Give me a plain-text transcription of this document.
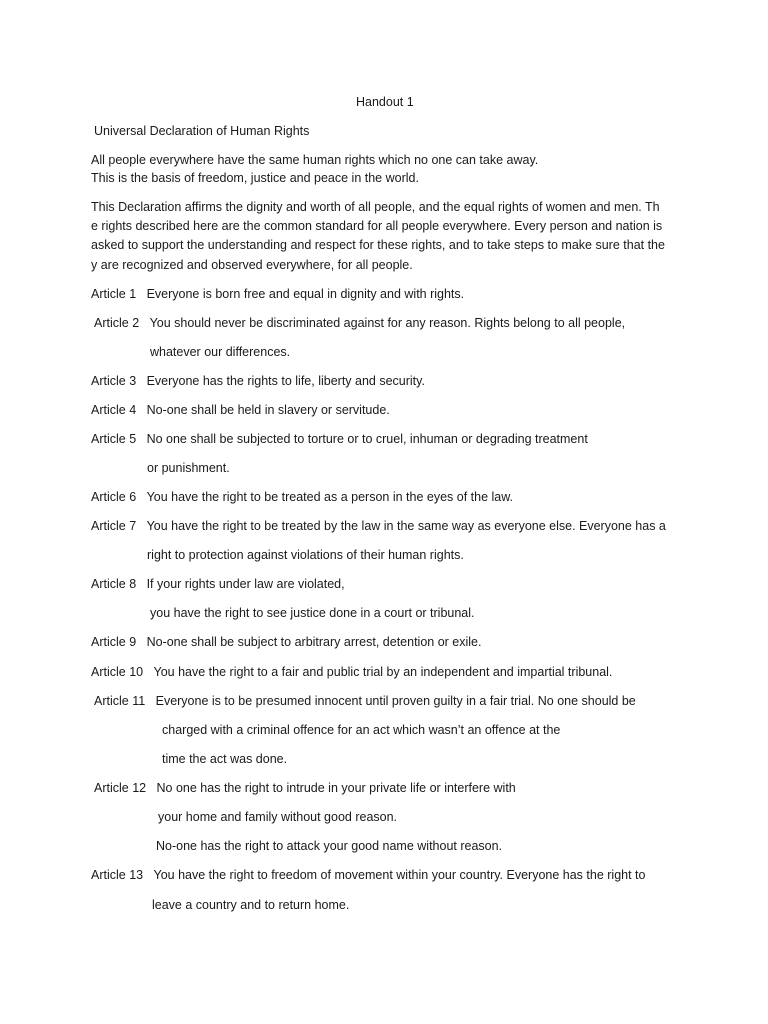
Handout 1
Universal Declaration of Human Rights
All people everywhere have the same human rights which no one can take away.
This is the basis of freedom, justice and peace in the world.
This Declaration affirms the dignity and worth of all people, and the equal rights of women and men. Th
e rights described here are the common standard for all people everywhere. Every person and nation is
asked to support the understanding and respect for these rights, and to take steps to make sure that the
y are recognized and observed everywhere, for all people.
Article 1 Everyone is born free and equal in dignity and with rights.
Article 2 You should never be discriminated against for any reason. Rights belong to all people,
whatever our differences.
Article 3 Everyone has the rights to life, liberty and security.
Article 4 No-one shall be held in slavery or servitude.
Article 5 No one shall be subjected to torture or to cruel, inhuman or degrading treatment
or punishment.
Article 6 You have the right to be treated as a person in the eyes of the law.
Article 7 You have the right to be treated by the law in the same way as everyone else. Everyone has a
right to protection against violations of their human rights.
Article 8 If your rights under law are violated,
you have the right to see justice done in a court or tribunal.
Article 9 No-one shall be subject to arbitrary arrest, detention or exile.
Article 10 You have the right to a fair and public trial by an independent and impartial tribunal.
Article 11 Everyone is to be presumed innocent until proven guilty in a fair trial. No one should be
charged with a criminal offence for an act which wasn’t an offence at the
time the act was done.
Article 12 No one has the right to intrude in your private life or interfere with
your home and family without good reason.
No-one has the right to attack your good name without reason.
Article 13 You have the right to freedom of movement within your country. Everyone has the right to
leave a country and to return home.
